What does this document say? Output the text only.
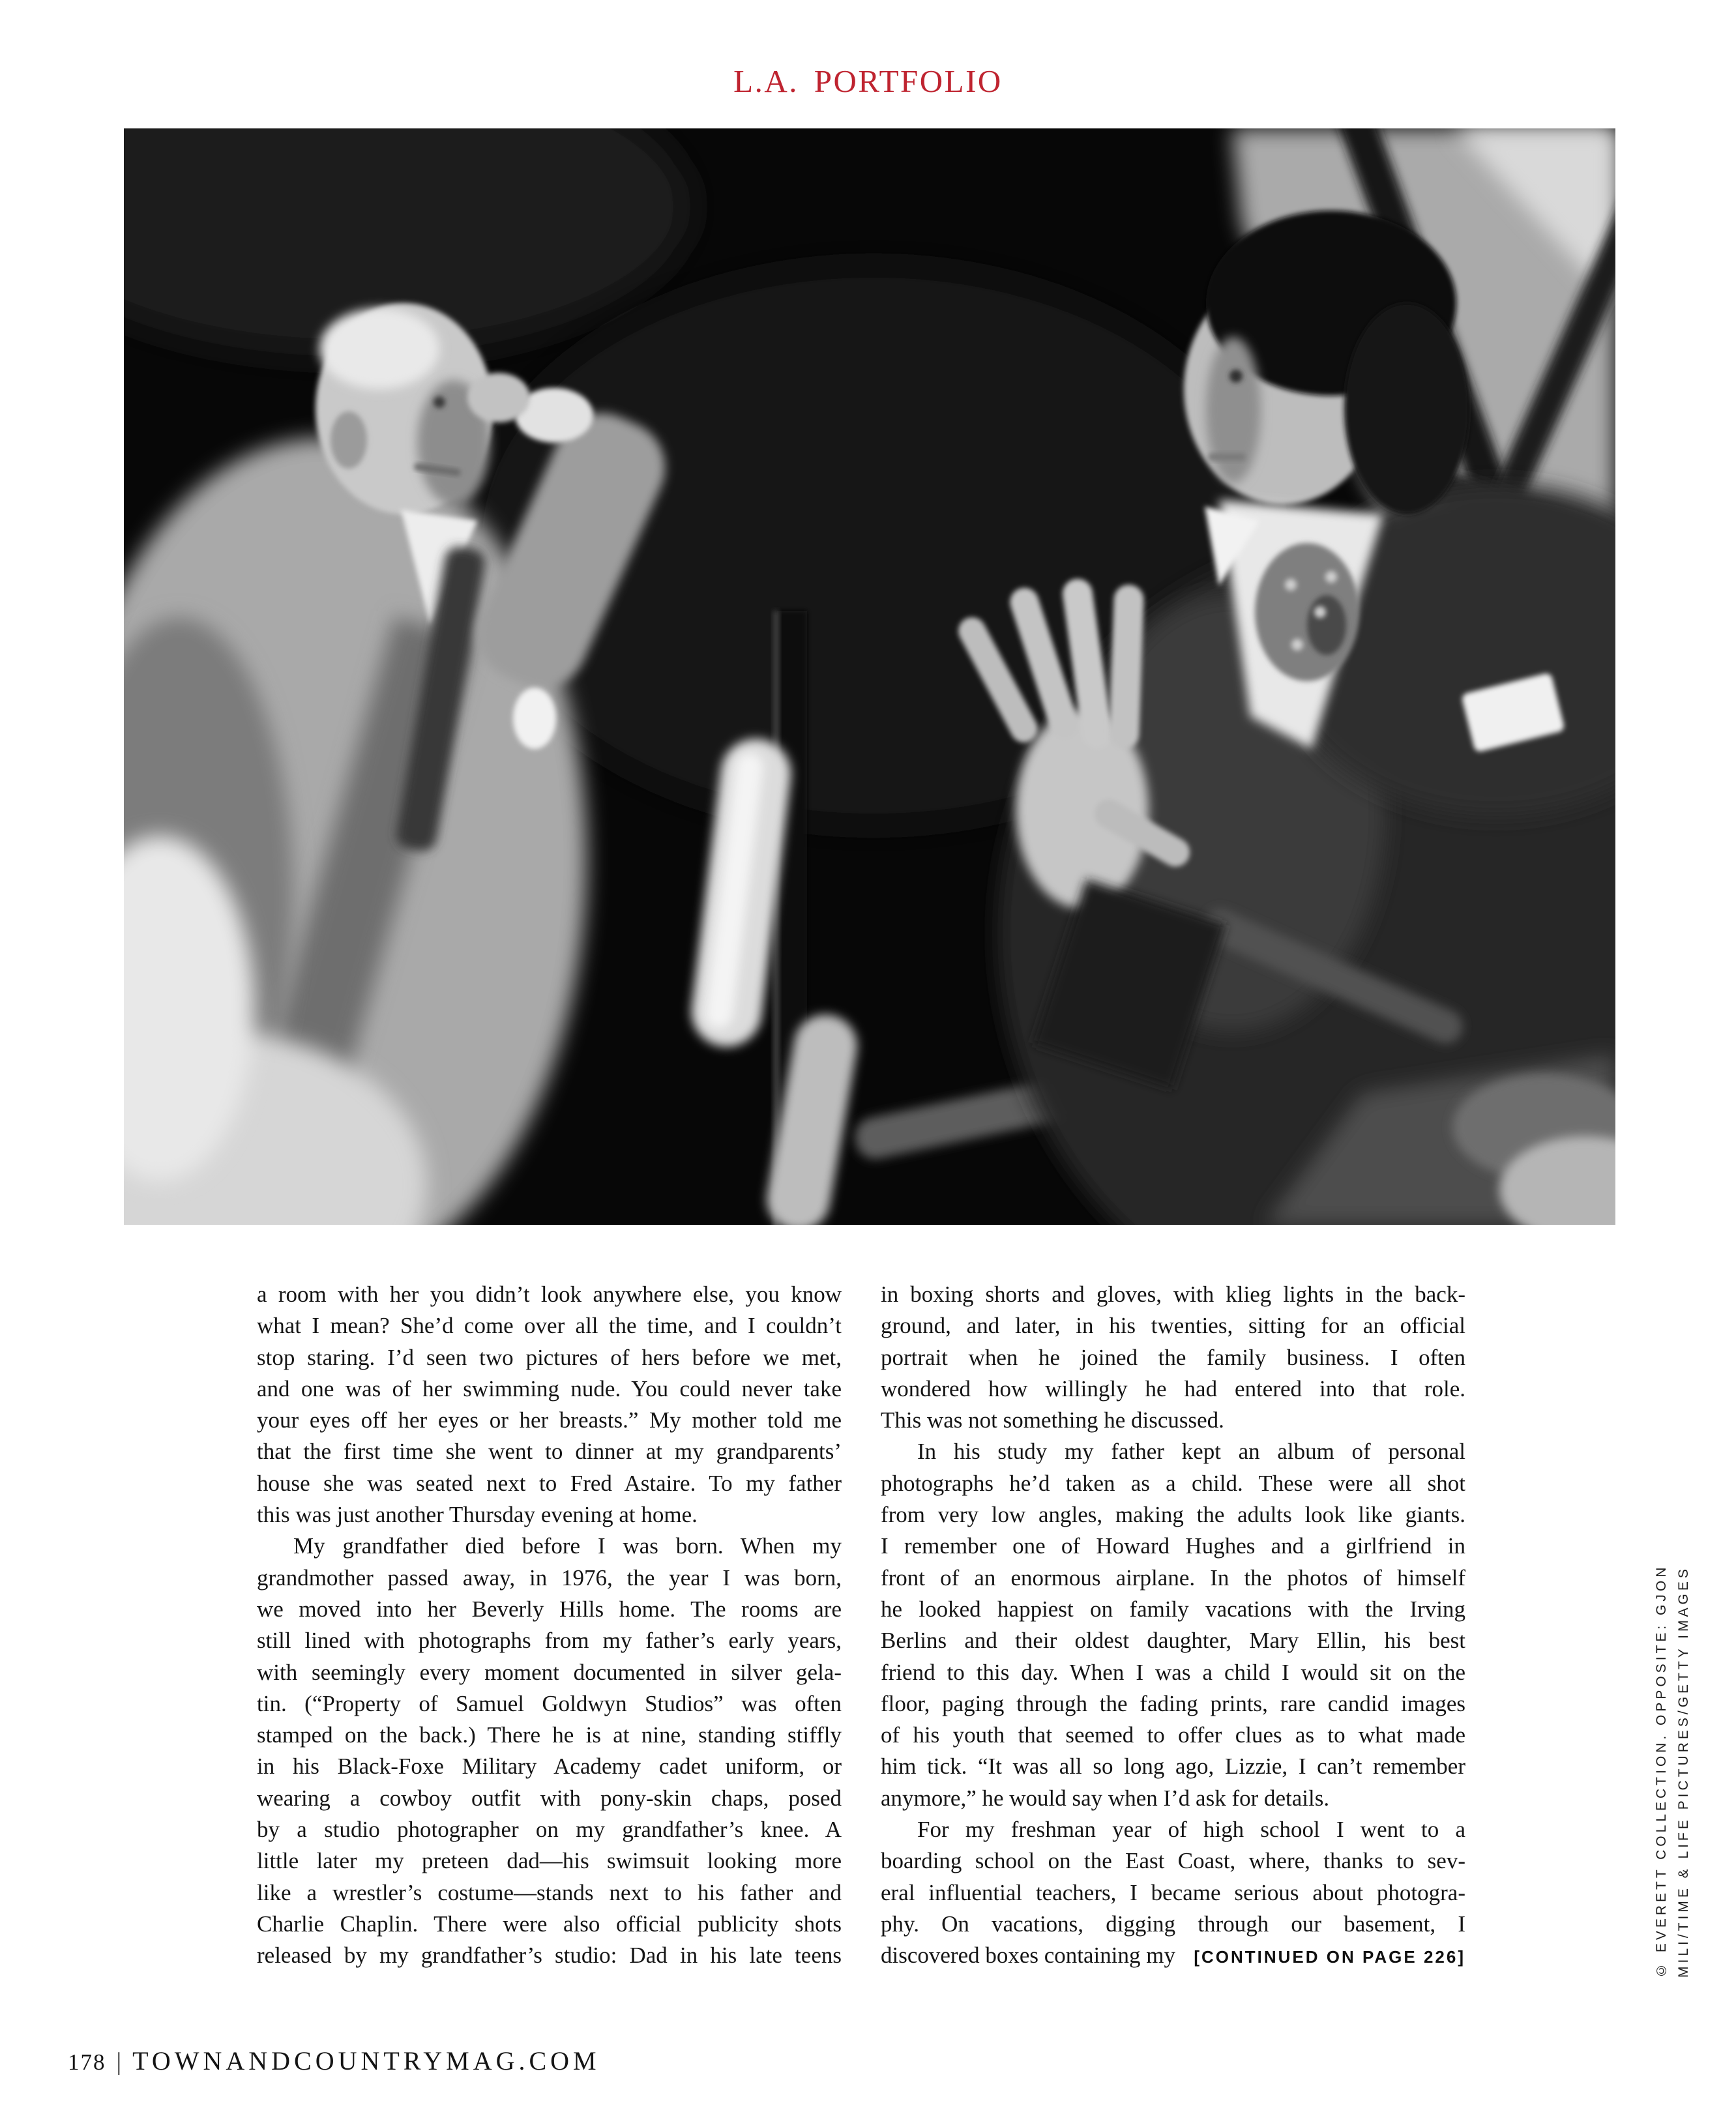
L.A. PORTFOLIO
a room with her you didn’t look anywhere else, you know
what I mean? She’d come over all the time, and I couldn’t
stop staring. I’d seen two pictures of hers before we met,
and one was of her swimming nude. You could never take
your eyes off her eyes or her breasts.” My mother told me
that the first time she went to dinner at my grandparents’
house she was seated next to Fred Astaire. To my father
this was just another Thursday evening at home.
My grandfather died before I was born. When my
grandmother passed away, in 1976, the year I was born,
we moved into her Beverly Hills home. The rooms are
still lined with photographs from my father’s early years,
with seemingly every moment documented in silver gela-
tin. (“Property of Samuel Goldwyn Studios” was often
stamped on the back.) There he is at nine, standing stiffly
in his Black-Foxe Military Academy cadet uniform, or
wearing a cowboy outfit with pony-skin chaps, posed
by a studio photographer on my grandfather’s knee. A
little later my preteen dad—his swimsuit looking more
like a wrestler’s costume—stands next to his father and
Charlie Chaplin. There were also official publicity shots
released by my grandfather’s studio: Dad in his late teens
in boxing shorts and gloves, with klieg lights in the back-
ground, and later, in his twenties, sitting for an official
portrait when he joined the family business. I often
wondered how willingly he had entered into that role.
This was not something he discussed.
In his study my father kept an album of personal
photographs he’d taken as a child. These were all shot
from very low angles, making the adults look like giants.
I remember one of Howard Hughes and a girlfriend in
front of an enormous airplane. In the photos of himself
he looked happiest on family vacations with the Irving
Berlins and their oldest daughter, Mary Ellin, his best
friend to this day. When I was a child I would sit on the
floor, paging through the fading prints, rare candid images
of his youth that seemed to offer clues as to what made
him tick. “It was all so long ago, Lizzie, I can’t remember
anymore,” he would say when I’d ask for details.
For my freshman year of high school I went to a
boarding school on the East Coast, where, thanks to sev-
eral influential teachers, I became serious about photogra-
phy. On vacations, digging through our basement, I
discovered boxes containing my [CONTINUED ON PAGE 226]	© EVERETT COLLECTION. OPPOSITE: GJON MILI/TIME & LIFE PICTURES/GETTY IMAGES
178 | TOWNANDCOUNTRYMAG.COM
